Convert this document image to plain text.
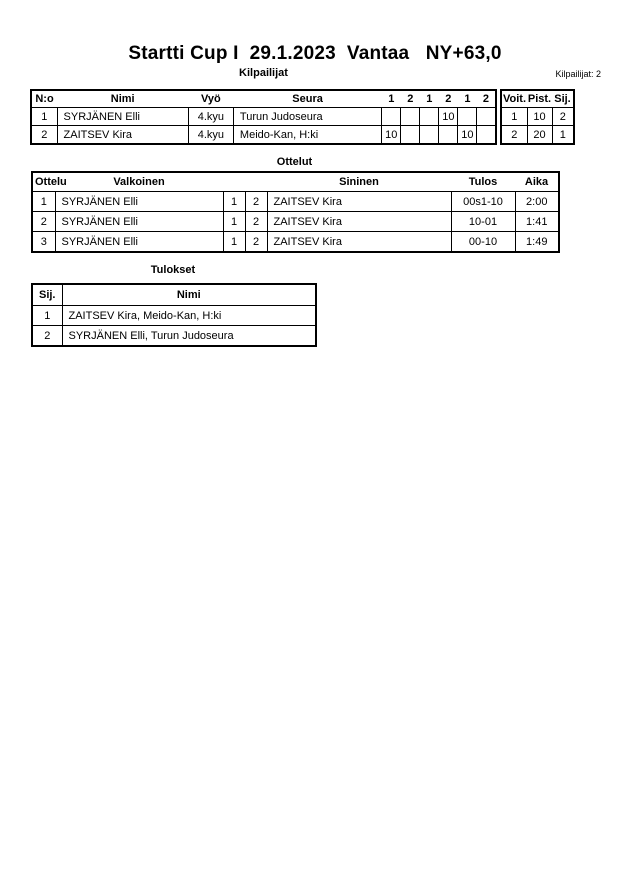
Startti Cup I  29.1.2023  Vantaa   NY+63,0
Kilpailijat	Kilpailijat: 2
N:o	Nimi	Vyö	Seura	1	2	1	2	1	2
1	SYRJÄNEN Elli	4.kyu	Turun Judoseura				10		
2	ZAITSEV Kira	4.kyu	Meido-Kan, H:ki	10				10	
Voit.	Pist.	Sij.
1	10	2
2	20	1
Ottelut
Ottelu	Valkoinen			Sininen	Tulos	Aika
1	SYRJÄNEN Elli	1	2	ZAITSEV Kira	00s1-10	2:00
2	SYRJÄNEN Elli	1	2	ZAITSEV Kira	10-01	1:41
3	SYRJÄNEN Elli	1	2	ZAITSEV Kira	00-10	1:49
Tulokset
Sij.	Nimi
1	ZAITSEV Kira, Meido-Kan, H:ki
2	SYRJÄNEN Elli, Turun Judoseura
